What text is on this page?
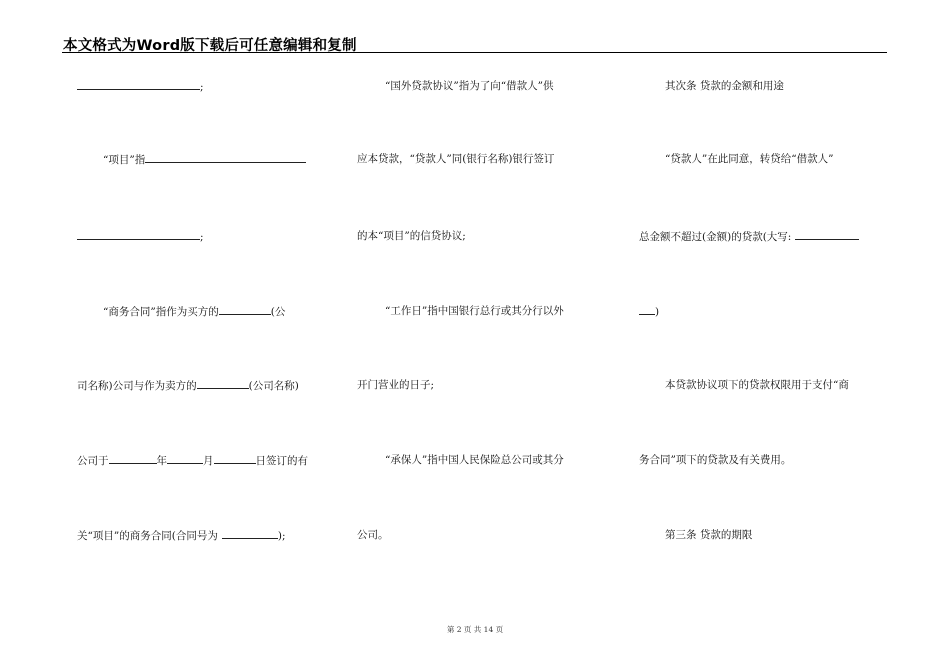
本文格式为Word版下载后可任意编辑和复制
;
“项目”指
;
“商务合同”指作为买方的	(公
司名称)公司与作为卖方的	(公司名称)
公司于	年	月	日签订的有
关“项目”的商务合同(合同号为	);
“国外贷款协议”指为了向“借款人”供
应本贷款，“贷款人”同(银行名称)银行签订
的本“项目”的信贷协议;
“工作日”指中国银行总行或其分行以外
开门营业的日子;
“承保人”指中国人民保险总公司或其分
公司。
其次条 贷款的金额和用途
“贷款人”在此同意，转贷给“借款人”
总金额不超过(金额)的贷款(大写:
)
本贷款协议项下的贷款权限用于支付“商
务合同”项下的贷款及有关费用。
第三条 贷款的期限
第 2 页 共 14 页
